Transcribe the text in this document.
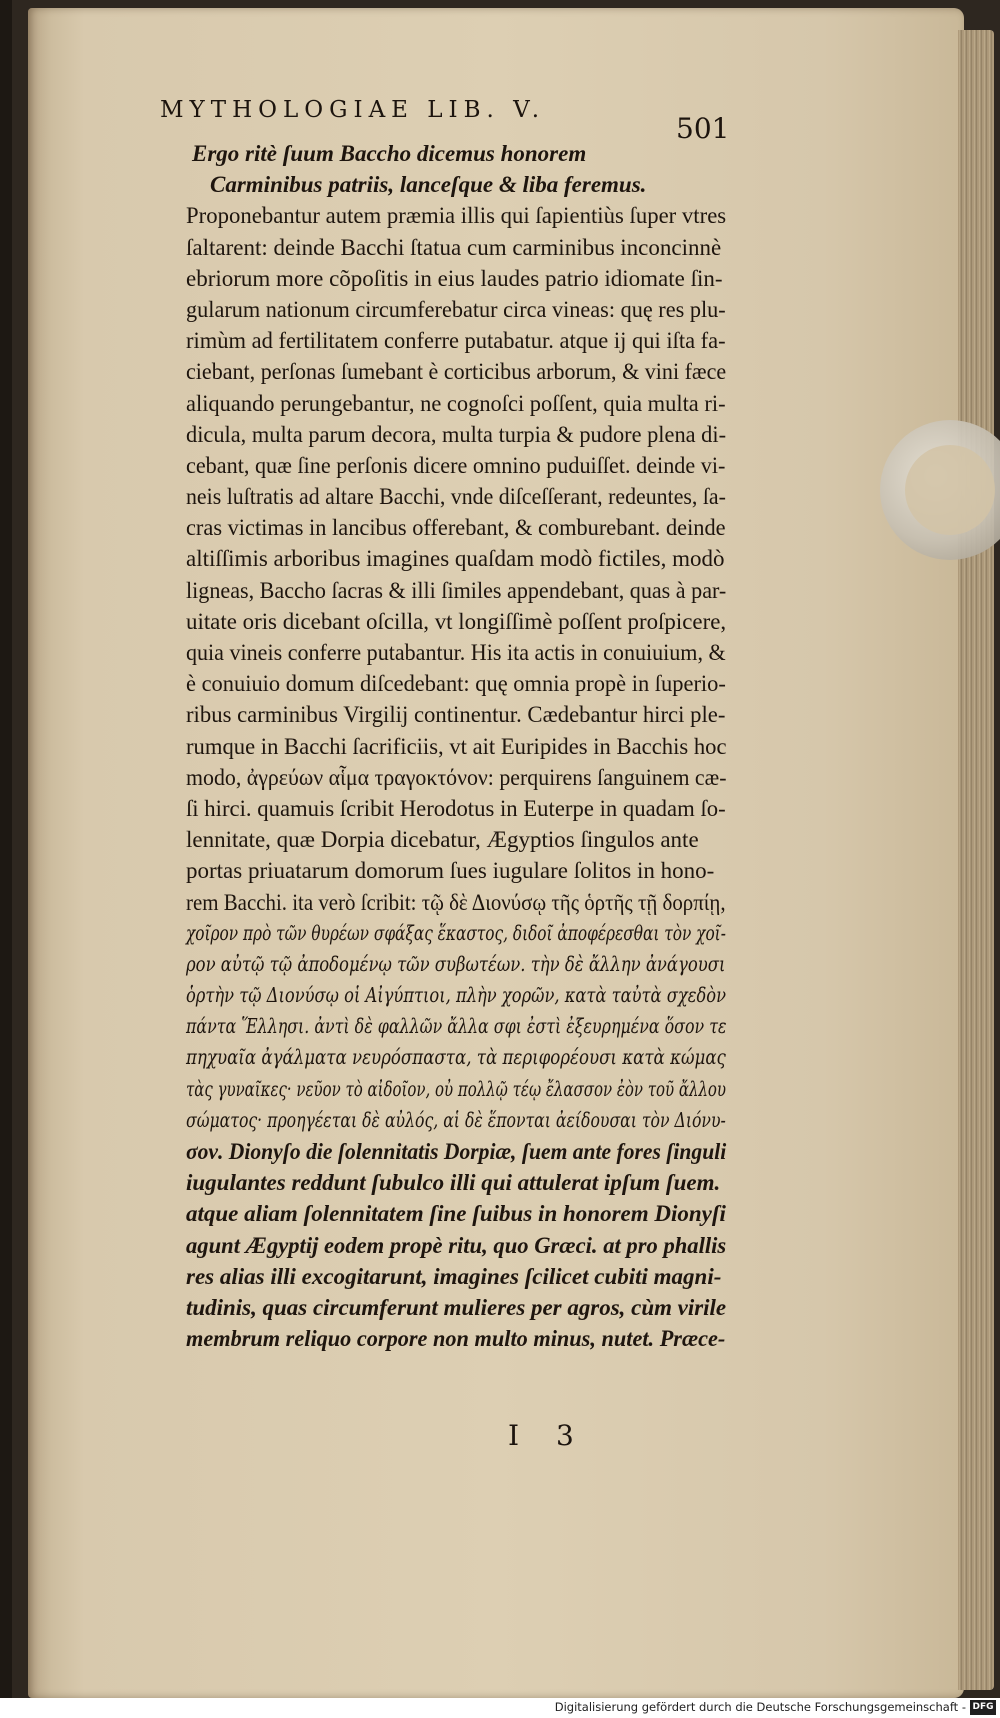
MYTHOLOGIAE LIB. V.
501
Ergo ritè ſuum Baccho dicemus honorem
Carminibus patriis, lanceſque & liba feremus.
Proponebantur autem præmia illis qui ſapientiùs ſuper vtres
ſaltarent: deinde Bacchi ſtatua cum carminibus inconcinnè
ebriorum more cõpoſitis in eius laudes patrio idiomate ſin-
gularum nationum circumferebatur circa vineas: quę res plu-
rimùm ad fertilitatem conferre putabatur. atque ij qui iſta fa-
ciebant, perſonas ſumebant è corticibus arborum, & vini fæce
aliquando perungebantur, ne cognoſci poſſent, quia multa ri-
dicula, multa parum decora, multa turpia & pudore plena di-
cebant, quæ ſine perſonis dicere omnino puduiſſet. deinde vi-
neis luſtratis ad altare Bacchi, vnde diſceſſerant, redeuntes, ſa-
cras victimas in lancibus offerebant, & comburebant. deinde
altiſſimis arboribus imagines quaſdam modò fictiles, modò
ligneas, Baccho ſacras & illi ſimiles appendebant, quas à par-
uitate oris dicebant oſcilla, vt longiſſimè poſſent proſpicere,
quia vineis conferre putabantur. His ita actis in conuiuium, &
è conuiuio domum diſcedebant: quę omnia propè in ſuperio-
ribus carminibus Virgilij continentur. Cædebantur hirci ple-
rumque in Bacchi ſacrificiis, vt ait Euripides in Bacchis hoc
modo, ἀγρεύων αἷμα τραγοκτόνον: perquirens ſanguinem cæ-
ſi hirci. quamuis ſcribit Herodotus in Euterpe in quadam ſo-
lennitate, quæ Dorpia dicebatur, Ægyptios ſingulos ante
portas priuatarum domorum ſues iugulare ſolitos in hono-
rem Bacchi. ita verò ſcribit: τῷ δὲ Διονύσῳ τῆς ὁρτῆς τῇ δορπίῃ,
χοῖρον πρὸ τῶν θυρέων σφάξας ἕκαστος, διδοῖ ἀποφέρεσθαι τὸν χοῖ-
ρον αὐτῷ τῷ ἀποδομένῳ τῶν συβωτέων. τὴν δὲ ἄλλην ἀνάγουσι
ὁρτὴν τῷ Διονύσῳ οἱ Αἰγύπτιοι, πλὴν χορῶν, κατὰ ταὐτὰ σχεδὸν
πάντα Ἕλλησι. ἀντὶ δὲ φαλλῶν ἄλλα σφι ἐστὶ ἐξευρημένα ὅσον τε
πηχυαῖα ἀγάλματα νευρόσπαστα, τὰ περιφορέουσι κατὰ κώμας
τὰς γυναῖκες· νεῦον τὸ αἰδοῖον, οὐ πολλῷ τέῳ ἔλασσον ἐὸν τοῦ ἄλλου
σώματος· προηγέεται δὲ αὐλός, αἱ δὲ ἕπονται ἀείδουσαι τὸν Διόνυ-
σον. Dionyſo die ſolennitatis Dorpiæ, ſuem ante fores ſinguli
iugulantes reddunt ſubulco illi qui attulerat ipſum ſuem.
atque aliam ſolennitatem ſine ſuibus in honorem Dionyſi
agunt Ægyptij eodem propè ritu, quo Græci. at pro phallis
res alias illi excogitarunt, imagines ſcilicet cubiti magni-
tudinis, quas circumferunt mulieres per agros, cùm virile
membrum reliquo corpore non multo minus, nutet. Præce-
I 3
Digitalisierung gefördert durch die Deutsche Forschungsgemeinschaft - DFG
